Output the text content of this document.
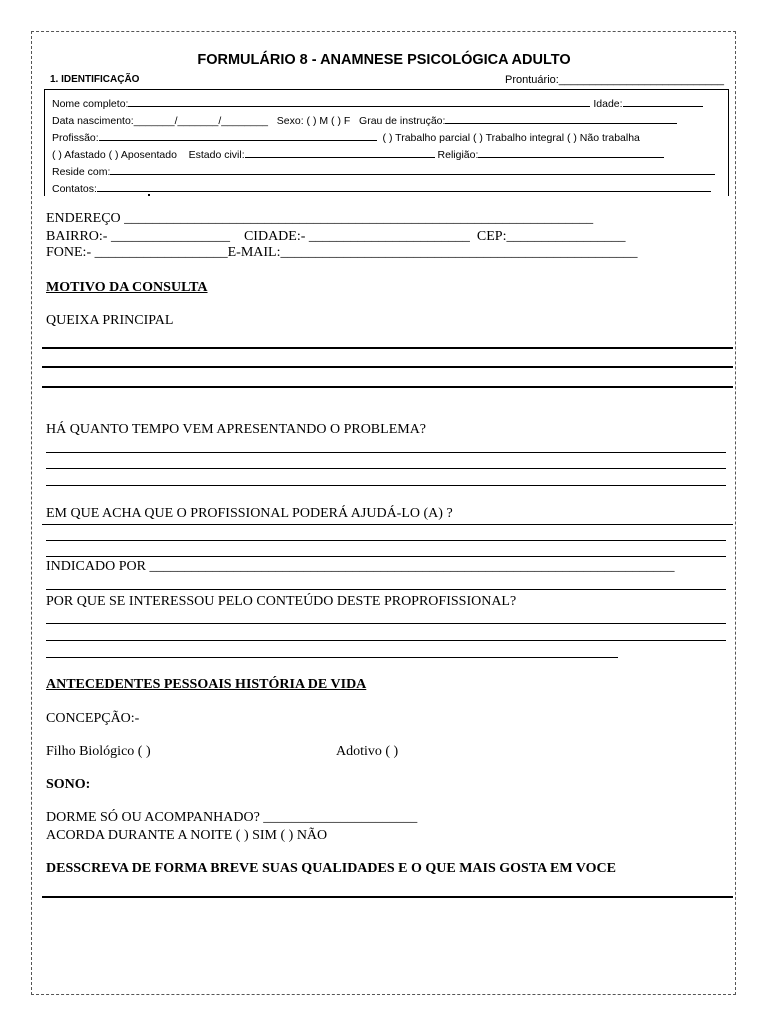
FORMULÁRIO 8 - ANAMNESE PSICOLÓGICA ADULTO
1. IDENTIFICAÇÃO	Prontuário:___________________________
Nome completo:	Idade:
Data nascimento:_______/_______/________ Sexo: ( ) M ( ) F Grau de instrução:
Profissão:	( ) Trabalho parcial ( ) Trabalho integral ( ) Não trabalha
( ) Afastado ( ) Aposentado Estado civil:	Religião:
Reside com:
Contatos:
ENDEREÇO ___________________________________________________________________
BAIRRO:- _________________ CIDADE:- _______________________ CEP:_________________
FONE:- ___________________E-MAIL:___________________________________________________
MOTIVO DA CONSULTA
QUEIXA PRINCIPAL
HÁ QUANTO TEMPO VEM APRESENTANDO O PROBLEMA?
EM QUE ACHA QUE O PROFISSIONAL PODERÁ AJUDÁ-LO (A) ?
INDICADO POR ___________________________________________________________________________
POR QUE SE INTERESSOU PELO CONTEÚDO DESTE PROPROFISSIONAL?
ANTECEDENTES PESSOAIS HISTÓRIA DE VIDA
CONCEPÇÃO:-
Filho Biológico ( )	Adotivo ( )
SONO:
DORME SÓ OU ACOMPANHADO? ______________________
ACORDA DURANTE A NOITE ( ) SIM ( ) NÃO
DESSCREVA DE FORMA BREVE SUAS QUALIDADES E O QUE MAIS GOSTA EM VOCE
